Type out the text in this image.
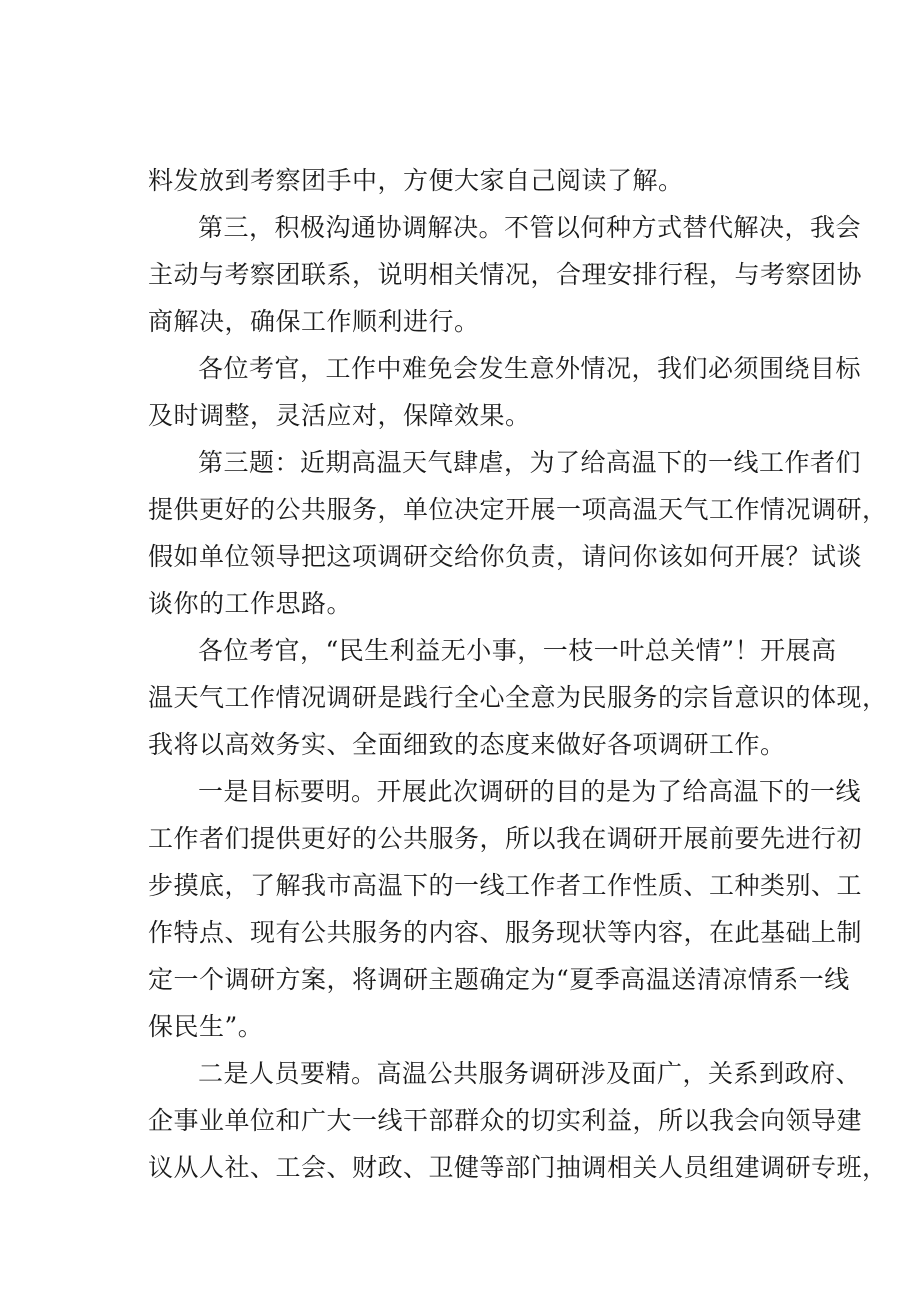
料发放到考察团手中，方便大家自己阅读了解。
第三，积极沟通协调解决。不管以何种方式替代解决，我会
主动与考察团联系，说明相关情况，合理安排行程，与考察团协
商解决，确保工作顺利进行。
各位考官，工作中难免会发生意外情况，我们必须围绕目标
及时调整，灵活应对，保障效果。
第三题：近期高温天气肆虐，为了给高温下的一线工作者们
提供更好的公共服务，单位决定开展一项高温天气工作情况调研，
假如单位领导把这项调研交给你负责，请问你该如何开展？试谈
谈你的工作思路。
各位考官，“民生利益无小事，一枝一叶总关情”！开展高
温天气工作情况调研是践行全心全意为民服务的宗旨意识的体现，
我将以高效务实、全面细致的态度来做好各项调研工作。
一是目标要明。开展此次调研的目的是为了给高温下的一线
工作者们提供更好的公共服务，所以我在调研开展前要先进行初
步摸底，了解我市高温下的一线工作者工作性质、工种类别、工
作特点、现有公共服务的内容、服务现状等内容，在此基础上制
定一个调研方案，将调研主题确定为“夏季高温送清凉情系一线
保民生”。
二是人员要精。高温公共服务调研涉及面广，关系到政府、
企事业单位和广大一线干部群众的切实利益，所以我会向领导建
议从人社、工会、财政、卫健等部门抽调相关人员组建调研专班，
